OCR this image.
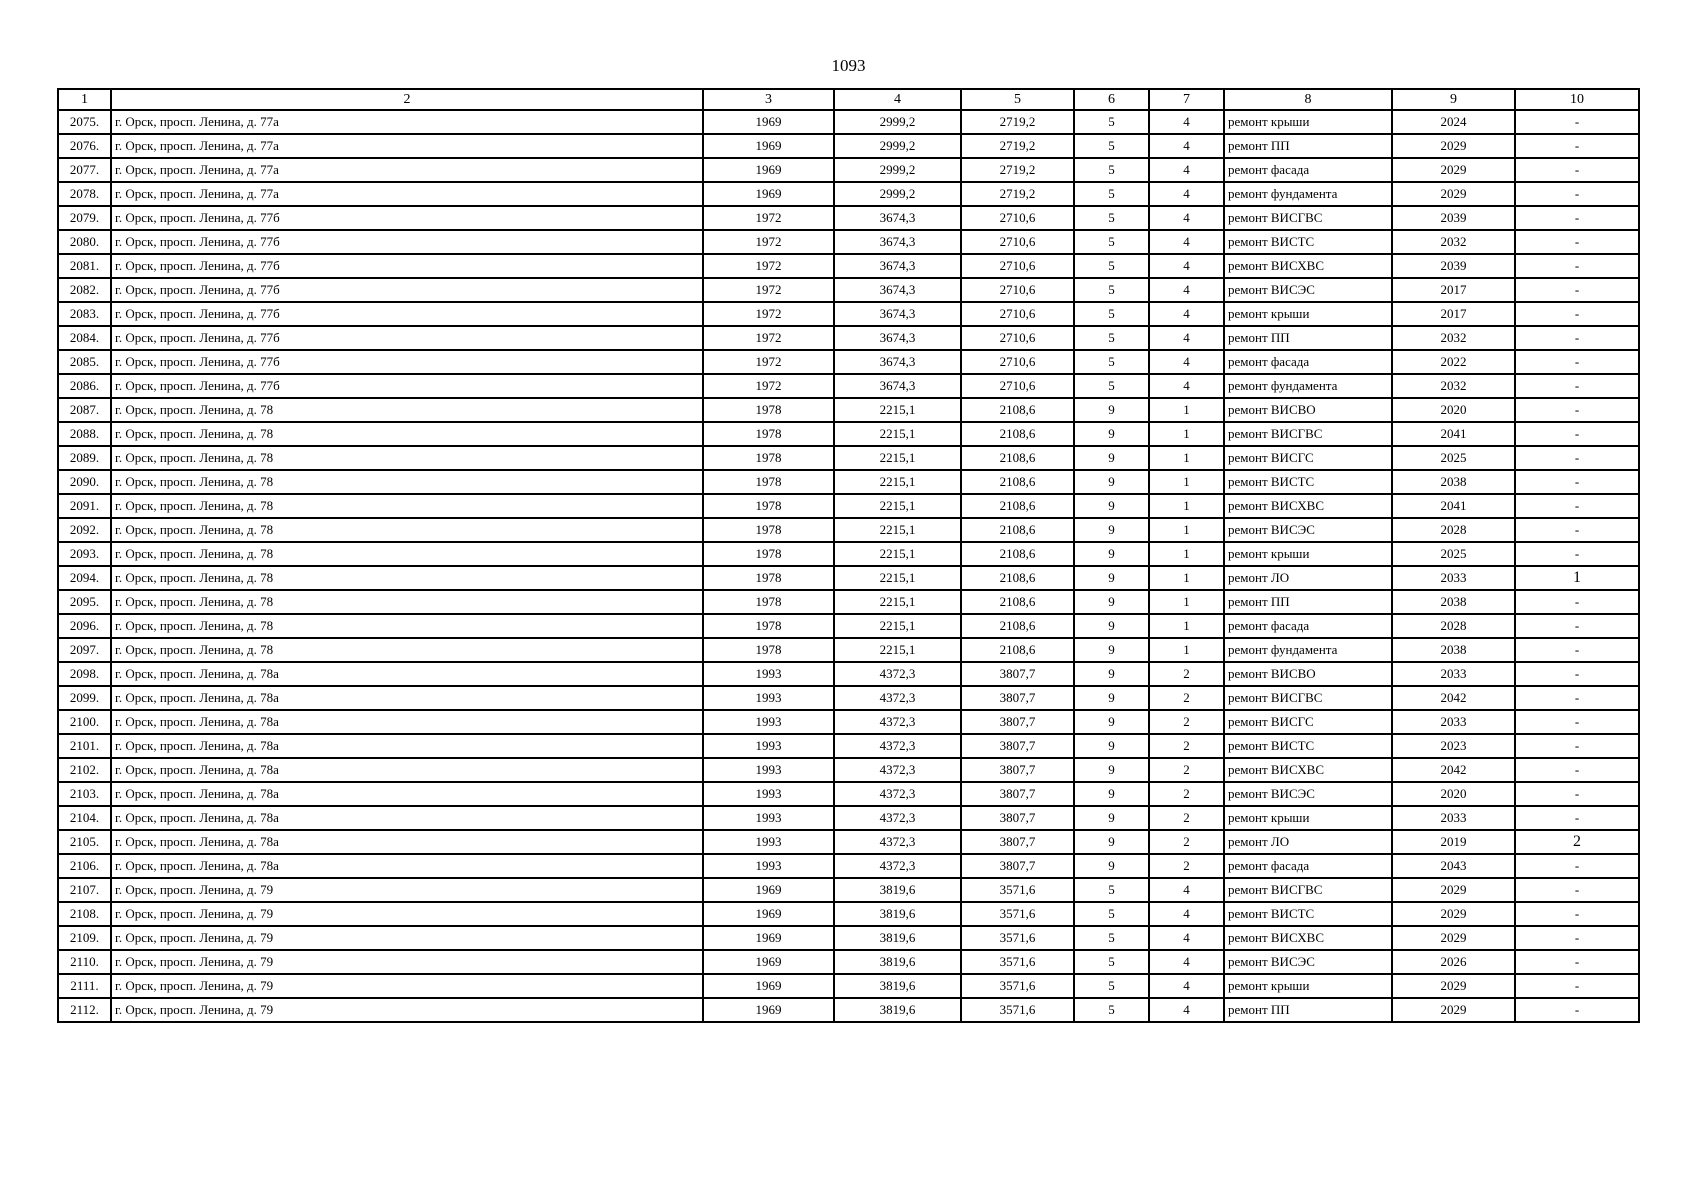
1093
1	2	3	4	5	6	7	8	9	10
2075.	г. Орск, просп. Ленина, д. 77а	1969	2999,2	2719,2	5	4	ремонт крыши	2024	-
2076.	г. Орск, просп. Ленина, д. 77а	1969	2999,2	2719,2	5	4	ремонт ПП	2029	-
2077.	г. Орск, просп. Ленина, д. 77а	1969	2999,2	2719,2	5	4	ремонт фасада	2029	-
2078.	г. Орск, просп. Ленина, д. 77а	1969	2999,2	2719,2	5	4	ремонт фундамента	2029	-
2079.	г. Орск, просп. Ленина, д. 77б	1972	3674,3	2710,6	5	4	ремонт ВИСГВС	2039	-
2080.	г. Орск, просп. Ленина, д. 77б	1972	3674,3	2710,6	5	4	ремонт ВИСТС	2032	-
2081.	г. Орск, просп. Ленина, д. 77б	1972	3674,3	2710,6	5	4	ремонт ВИСХВС	2039	-
2082.	г. Орск, просп. Ленина, д. 77б	1972	3674,3	2710,6	5	4	ремонт ВИСЭС	2017	-
2083.	г. Орск, просп. Ленина, д. 77б	1972	3674,3	2710,6	5	4	ремонт крыши	2017	-
2084.	г. Орск, просп. Ленина, д. 77б	1972	3674,3	2710,6	5	4	ремонт ПП	2032	-
2085.	г. Орск, просп. Ленина, д. 77б	1972	3674,3	2710,6	5	4	ремонт фасада	2022	-
2086.	г. Орск, просп. Ленина, д. 77б	1972	3674,3	2710,6	5	4	ремонт фундамента	2032	-
2087.	г. Орск, просп. Ленина, д. 78	1978	2215,1	2108,6	9	1	ремонт ВИСВО	2020	-
2088.	г. Орск, просп. Ленина, д. 78	1978	2215,1	2108,6	9	1	ремонт ВИСГВС	2041	-
2089.	г. Орск, просп. Ленина, д. 78	1978	2215,1	2108,6	9	1	ремонт ВИСГС	2025	-
2090.	г. Орск, просп. Ленина, д. 78	1978	2215,1	2108,6	9	1	ремонт ВИСТС	2038	-
2091.	г. Орск, просп. Ленина, д. 78	1978	2215,1	2108,6	9	1	ремонт ВИСХВС	2041	-
2092.	г. Орск, просп. Ленина, д. 78	1978	2215,1	2108,6	9	1	ремонт ВИСЭС	2028	-
2093.	г. Орск, просп. Ленина, д. 78	1978	2215,1	2108,6	9	1	ремонт крыши	2025	-
2094.	г. Орск, просп. Ленина, д. 78	1978	2215,1	2108,6	9	1	ремонт ЛО	2033	1
2095.	г. Орск, просп. Ленина, д. 78	1978	2215,1	2108,6	9	1	ремонт ПП	2038	-
2096.	г. Орск, просп. Ленина, д. 78	1978	2215,1	2108,6	9	1	ремонт фасада	2028	-
2097.	г. Орск, просп. Ленина, д. 78	1978	2215,1	2108,6	9	1	ремонт фундамента	2038	-
2098.	г. Орск, просп. Ленина, д. 78а	1993	4372,3	3807,7	9	2	ремонт ВИСВО	2033	-
2099.	г. Орск, просп. Ленина, д. 78а	1993	4372,3	3807,7	9	2	ремонт ВИСГВС	2042	-
2100.	г. Орск, просп. Ленина, д. 78а	1993	4372,3	3807,7	9	2	ремонт ВИСГС	2033	-
2101.	г. Орск, просп. Ленина, д. 78а	1993	4372,3	3807,7	9	2	ремонт ВИСТС	2023	-
2102.	г. Орск, просп. Ленина, д. 78а	1993	4372,3	3807,7	9	2	ремонт ВИСХВС	2042	-
2103.	г. Орск, просп. Ленина, д. 78а	1993	4372,3	3807,7	9	2	ремонт ВИСЭС	2020	-
2104.	г. Орск, просп. Ленина, д. 78а	1993	4372,3	3807,7	9	2	ремонт крыши	2033	-
2105.	г. Орск, просп. Ленина, д. 78а	1993	4372,3	3807,7	9	2	ремонт ЛО	2019	2
2106.	г. Орск, просп. Ленина, д. 78а	1993	4372,3	3807,7	9	2	ремонт фасада	2043	-
2107.	г. Орск, просп. Ленина, д. 79	1969	3819,6	3571,6	5	4	ремонт ВИСГВС	2029	-
2108.	г. Орск, просп. Ленина, д. 79	1969	3819,6	3571,6	5	4	ремонт ВИСТС	2029	-
2109.	г. Орск, просп. Ленина, д. 79	1969	3819,6	3571,6	5	4	ремонт ВИСХВС	2029	-
2110.	г. Орск, просп. Ленина, д. 79	1969	3819,6	3571,6	5	4	ремонт ВИСЭС	2026	-
2111.	г. Орск, просп. Ленина, д. 79	1969	3819,6	3571,6	5	4	ремонт крыши	2029	-
2112.	г. Орск, просп. Ленина, д. 79	1969	3819,6	3571,6	5	4	ремонт ПП	2029	-
